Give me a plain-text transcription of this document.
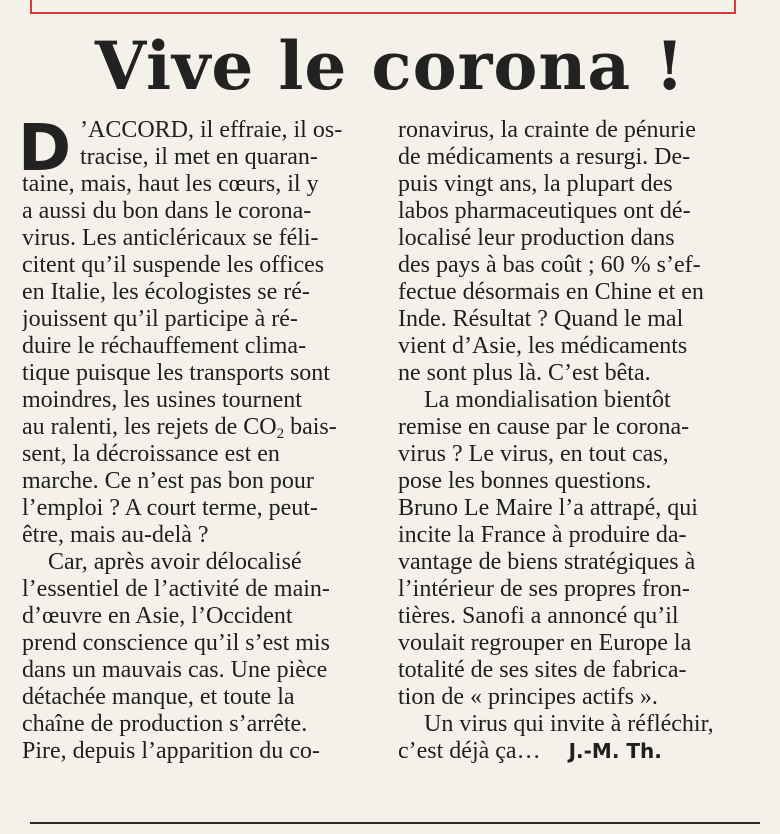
Vive le corona !
D ’ACCORD, il effraie, il os-
tracise, il met en quaran-
taine, mais, haut les cœurs, il y
a aussi du bon dans le corona-
virus. Les anticléricaux se féli-
citent qu’il suspende les offices
en Italie, les écologistes se ré-
jouissent qu’il participe à ré-
duire le réchauffement clima-
tique puisque les transports sont
moindres, les usines tournent
au ralenti, les rejets de $CO_2$ bais-
sent, la décroissance est en
marche. Ce n’est pas bon pour
l’emploi ? A court terme, peut-
être, mais au-delà ?
Car, après avoir délocalisé
l’essentiel de l’activité de main-
d’œuvre en Asie, l’Occident
prend conscience qu’il s’est mis
dans un mauvais cas. Une pièce
détachée manque, et toute la
chaîne de production s’arrête.
Pire, depuis l’apparition du co-
ronavirus, la crainte de pénurie
de médicaments a resurgi. De-
puis vingt ans, la plupart des
labos pharmaceutiques ont dé-
localisé leur production dans
des pays à bas coût ; 60 % s’ef-
fectue désormais en Chine et en
Inde. Résultat ? Quand le mal
vient d’Asie, les médicaments
ne sont plus là. C’est bêta.
La mondialisation bientôt
remise en cause par le corona-
virus ? Le virus, en tout cas,
pose les bonnes questions.
Bruno Le Maire l’a attrapé, qui
incite la France à produire da-
vantage de biens stratégiques à
l’intérieur de ses propres fron-
tières. Sanofi a annoncé qu’il
voulait regrouper en Europe la
totalité de ses sites de fabrica-
tion de « principes actifs ».
Un virus qui invite à réfléchir,
c’est déjà ça… J.-M. Th.
